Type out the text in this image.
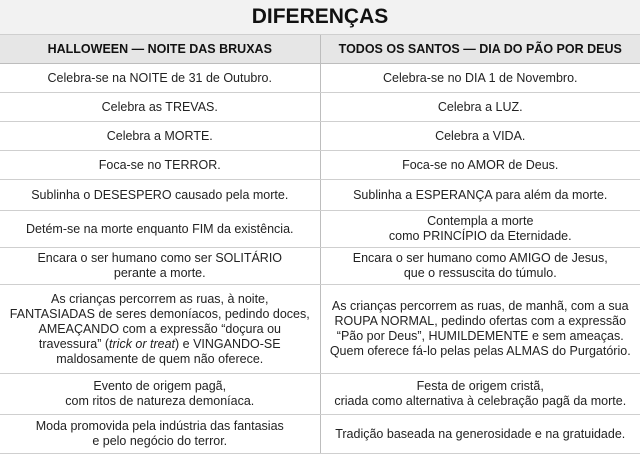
DIFERENÇAS
HALLOWEEN — NOITE DAS BRUXAS	TODOS OS SANTOS — DIA DO PÃO POR DEUS

Celebra-se na NOITE de 31 de Outubro.	Celebra-se no DIA 1 de Novembro.

Celebra as TREVAS.	Celebra a LUZ.

Celebra a MORTE.	Celebra a VIDA.

Foca-se no TERROR.	Foca-se no AMOR de Deus.

Sublinha o DESESPERO causado pela morte.	Sublinha a ESPERANÇA para além da morte.

Detém-se na morte enquanto FIM da existência.	Contempla a morte
como PRINCÍPIO da Eternidade.

Encara o ser humano como ser SOLITÁRIO
perante a morte.	Encara o ser humano como AMIGO de Jesus,
que o ressuscita do túmulo.

As crianças percorrem as ruas, à noite, FANTASIADAS de seres demoníacos, pedindo doces, AMEAÇANDO com a expressão “doçura ou travessura” (trick or treat) e VINGANDO-SE maldosamente de quem não oferece.	As crianças percorrem as ruas, de manhã, com a sua ROUPA NORMAL, pedindo ofertas com a expressão “Pão por Deus”, HUMILDEMENTE e sem ameaças. Quem oferece fá-lo pelas pelas ALMAS do Purgatório.

Evento de origem pagã,
com ritos de natureza demoníaca.	Festa de origem cristã,
criada como alternativa à celebração pagã da morte.

Moda promovida pela indústria das fantasias
e pelo negócio do terror.	Tradição baseada na generosidade e na gratuidade.
